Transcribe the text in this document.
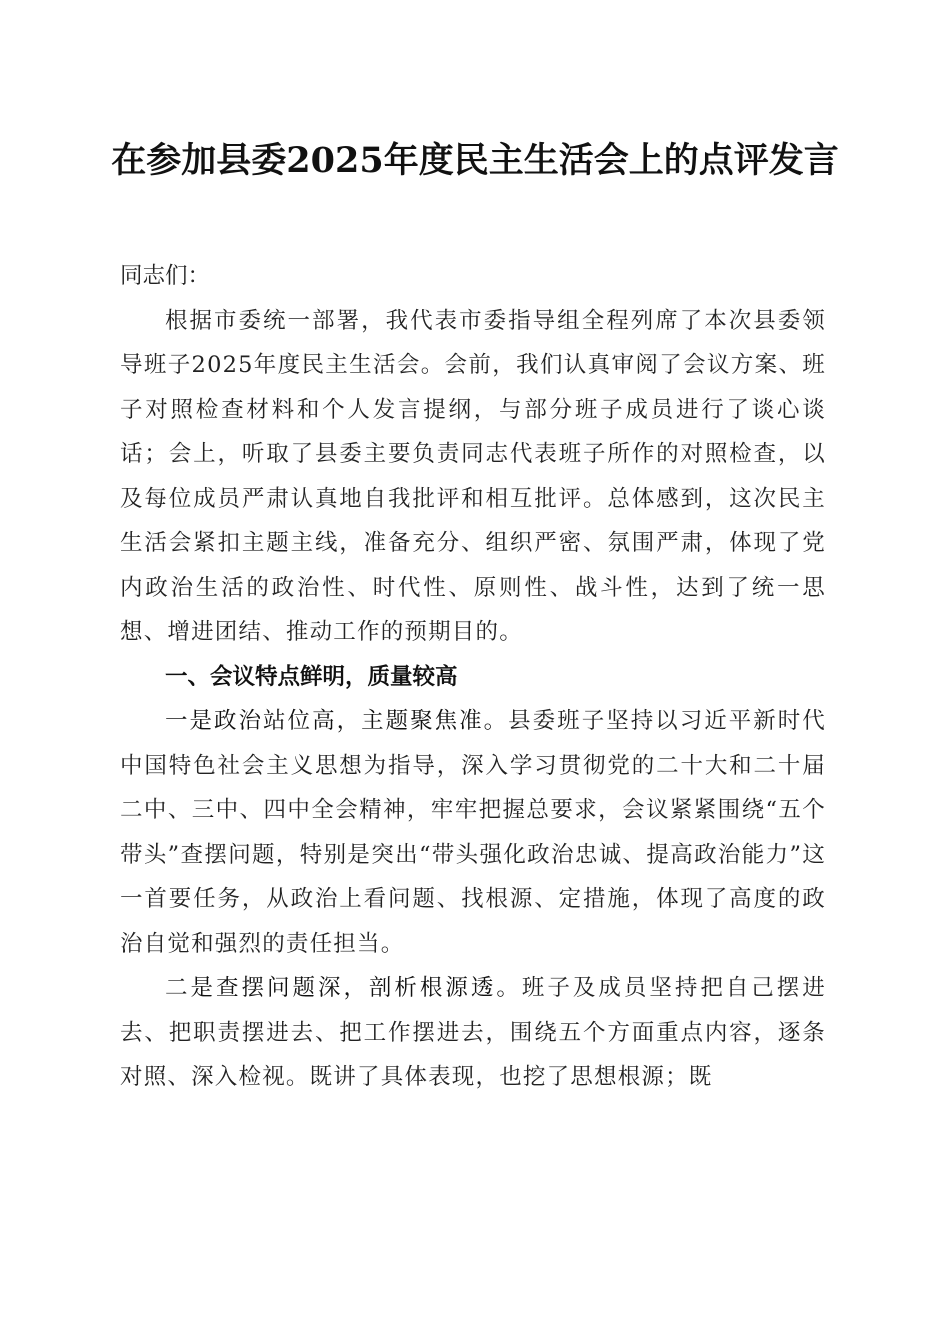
在参加县委2025年度民主生活会上的点评发言

同志们：

根据市委统一部署，我代表市委指导组全程列席了本次县委领导班子2025年度民主生活会。会前，我们认真审阅了会议方案、班子对照检查材料和个人发言提纲，与部分班子成员进行了谈心谈话；会上，听取了县委主要负责同志代表班子所作的对照检查，以及每位成员严肃认真地自我批评和相互批评。总体感到，这次民主生活会紧扣主题主线，准备充分、组织严密、氛围严肃，体现了党内政治生活的政治性、时代性、原则性、战斗性，达到了统一思想、增进团结、推动工作的预期目的。

一、会议特点鲜明，质量较高

一是政治站位高，主题聚焦准。县委班子坚持以习近平新时代中国特色社会主义思想为指导，深入学习贯彻党的二十大和二十届二中、三中、四中全会精神，牢牢把握总要求，会议紧紧围绕“五个带头”查摆问题，特别是突出“带头强化政治忠诚、提高政治能力”这一首要任务，从政治上看问题、找根源、定措施，体现了高度的政治自觉和强烈的责任担当。

二是查摆问题深，剖析根源透。班子及成员坚持把自己摆进去、把职责摆进去、把工作摆进去，围绕五个方面重点内容，逐条对照、深入检视。既讲了具体表现，也挖了思想根源；既
